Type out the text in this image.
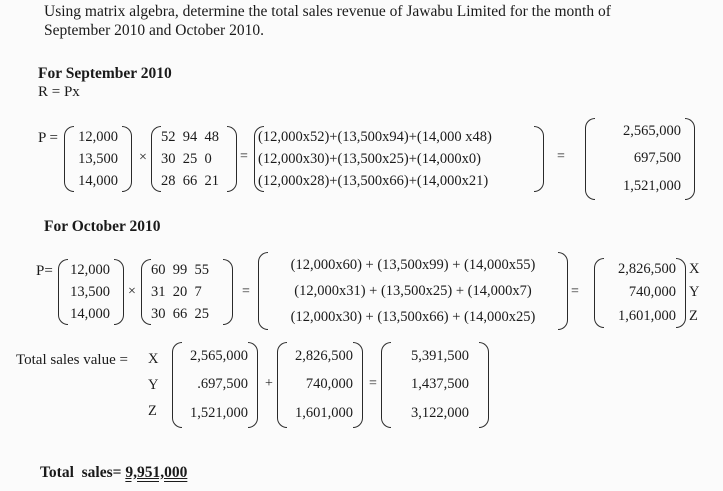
Using matrix algebra, determine the total sales revenue of Jawabu Limited for the month of
September 2010 and October 2010.
For September 2010
R = Px
P =	12,000
13,500
14,000
×
52  94  48
30  25  0
28  66  21
=
(12,000x52)+(13,500x94)+(14,000 x48)
(12,000x30)+(13,500x25)+(14,000x0)
(12,000x28)+(13,500x66)+(14,000x21)
=
2,565,000
697,500
1,521,000
For October 2010
P=	12,000
13,500
14,000
×
60  99  55
31  20  7
30  66  25
=
(12,000x60) + (13,500x99) + (14,000x55)
(12,000x31) + (13,500x25) + (14,000x7)
(12,000x30) + (13,500x66) + (14,000x25)
=
2,826,500
740,000
1,601,000
X
Y
Z
Total sales value = X
Y
Z
2,565,000
.697,500
1,521,000
+
2,826,500
740,000
1,601,000
=
5,391,500
1,437,500
3,122,000
Total  sales= 9,951,000
